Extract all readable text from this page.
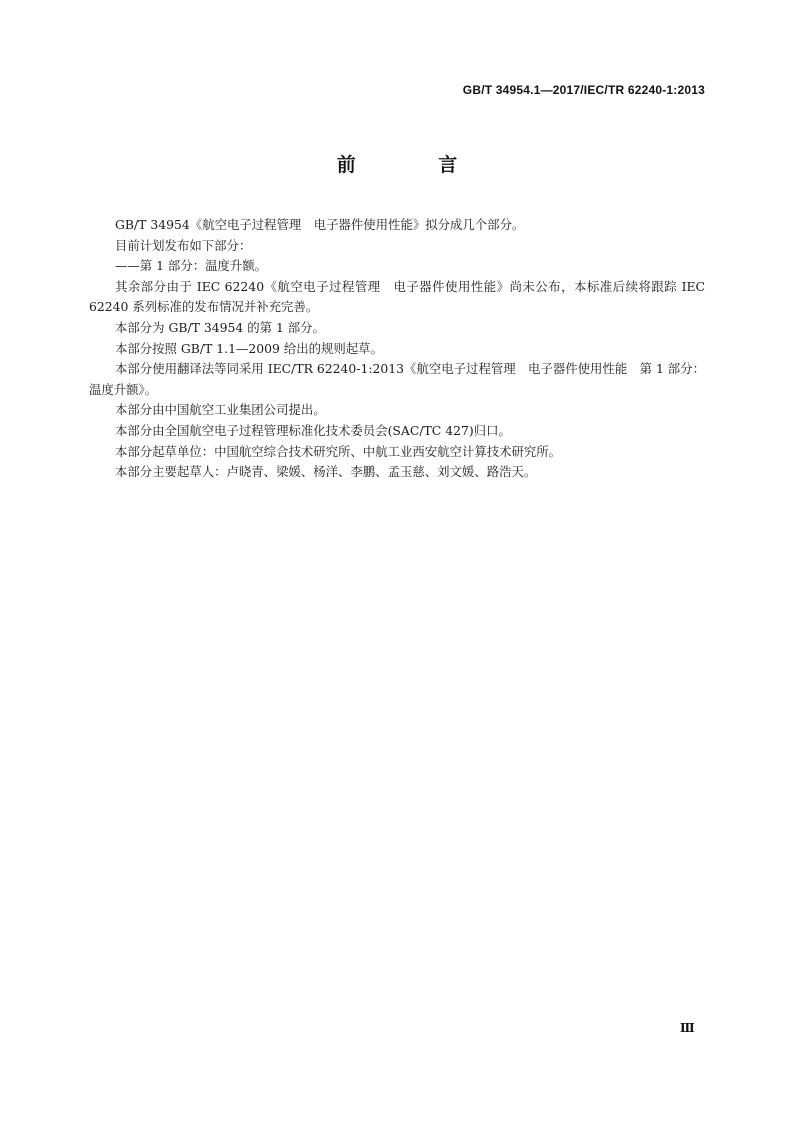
GB/T 34954.1—2017/IEC/TR 62240-1:2013
前 言

GB/T 34954《航空电子过程管理　电子器件使用性能》拟分成几个部分。

目前计划发布如下部分：

——第 1 部分：温度升额。

其余部分由于 IEC 62240《航空电子过程管理　电子器件使用性能》尚未公布，本标准后续将跟踪 IEC 62240 系列标准的发布情况并补充完善。

本部分为 GB/T 34954 的第 1 部分。

本部分按照 GB/T 1.1—2009 给出的规则起草。

本部分使用翻译法等同采用 IEC/TR 62240-1:2013《航空电子过程管理　电子器件使用性能　第 1 部分：温度升额》。

本部分由中国航空工业集团公司提出。

本部分由全国航空电子过程管理标准化技术委员会(SAC/TC 427)归口。

本部分起草单位：中国航空综合技术研究所、中航工业西安航空计算技术研究所。

本部分主要起草人：卢晓青、梁媛、杨洋、李鹏、孟玉慈、刘文媛、路浩天。

Ⅲ
